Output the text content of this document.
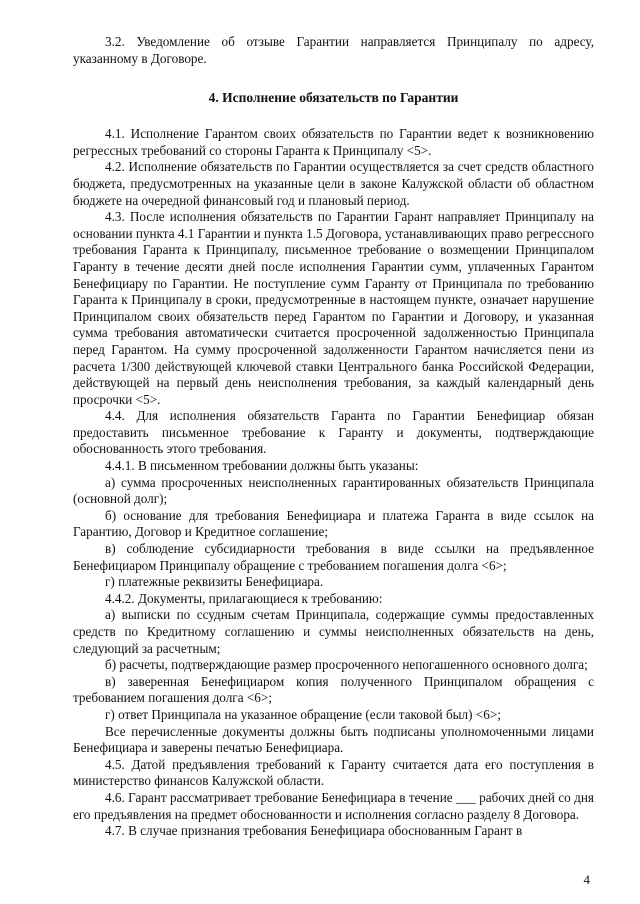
3.2. Уведомление об отзыве Гарантии направляется Принципалу по адресу, указанному в Договоре.

4. Исполнение обязательств по Гарантии

4.1. Исполнение Гарантом своих обязательств по Гарантии ведет к возникновению регрессных требований со стороны Гаранта к Принципалу <5>.

4.2. Исполнение обязательств по Гарантии осуществляется за счет средств областного бюджета, предусмотренных на указанные цели в законе Калужской области об областном бюджете на очередной финансовый год и плановый период.

4.3. После исполнения обязательств по Гарантии Гарант направляет Принципалу на основании пункта 4.1 Гарантии и пункта 1.5 Договора, устанавливающих право регрессного требования Гаранта к Принципалу, письменное требование о возмещении Принципалом Гаранту в течение десяти дней после исполнения Гарантии сумм, уплаченных Гарантом Бенефициару по Гарантии. Не поступление сумм Гаранту от Принципала по требованию Гаранта к Принципалу в сроки, предусмотренные в настоящем пункте, означает нарушение Принципалом своих обязательств перед Гарантом по Гарантии и Договору, и указанная сумма требования автоматически считается просроченной задолженностью Принципала перед Гарантом. На сумму просроченной задолженности Гарантом начисляется пени из расчета 1/300 действующей ключевой ставки Центрального банка Российской Федерации, действующей на первый день неисполнения требования, за каждый календарный день просрочки <5>.

4.4. Для исполнения обязательств Гаранта по Гарантии Бенефициар обязан предоставить письменное требование к Гаранту и документы, подтверждающие обоснованность этого требования.

4.4.1. В письменном требовании должны быть указаны:

а) сумма просроченных неисполненных гарантированных обязательств Принципала (основной долг);

б) основание для требования Бенефициара и платежа Гаранта в виде ссылок на Гарантию, Договор и Кредитное соглашение;

в) соблюдение субсидиарности требования в виде ссылки на предъявленное Бенефициаром Принципалу обращение с требованием погашения долга <6>;

г) платежные реквизиты Бенефициара.

4.4.2. Документы, прилагающиеся к требованию:

а) выписки по ссудным счетам Принципала, содержащие суммы предоставленных средств по Кредитному соглашению и суммы неисполненных обязательств на день, следующий за расчетным;

б) расчеты, подтверждающие размер просроченного непогашенного основного долга;

в) заверенная Бенефициаром копия полученного Принципалом обращения с требованием погашения долга <6>;

г) ответ Принципала на указанное обращение (если таковой был) <6>;

Все перечисленные документы должны быть подписаны уполномоченными лицами Бенефициара и заверены печатью Бенефициара.

4.5. Датой предъявления требований к Гаранту считается дата его поступления в министерство финансов Калужской области.

4.6. Гарант рассматривает требование Бенефициара в течение ___ рабочих дней со дня его предъявления на предмет обоснованности и исполнения согласно разделу 8 Договора.

4.7. В случае признания требования Бенефициара обоснованным Гарант в

4
